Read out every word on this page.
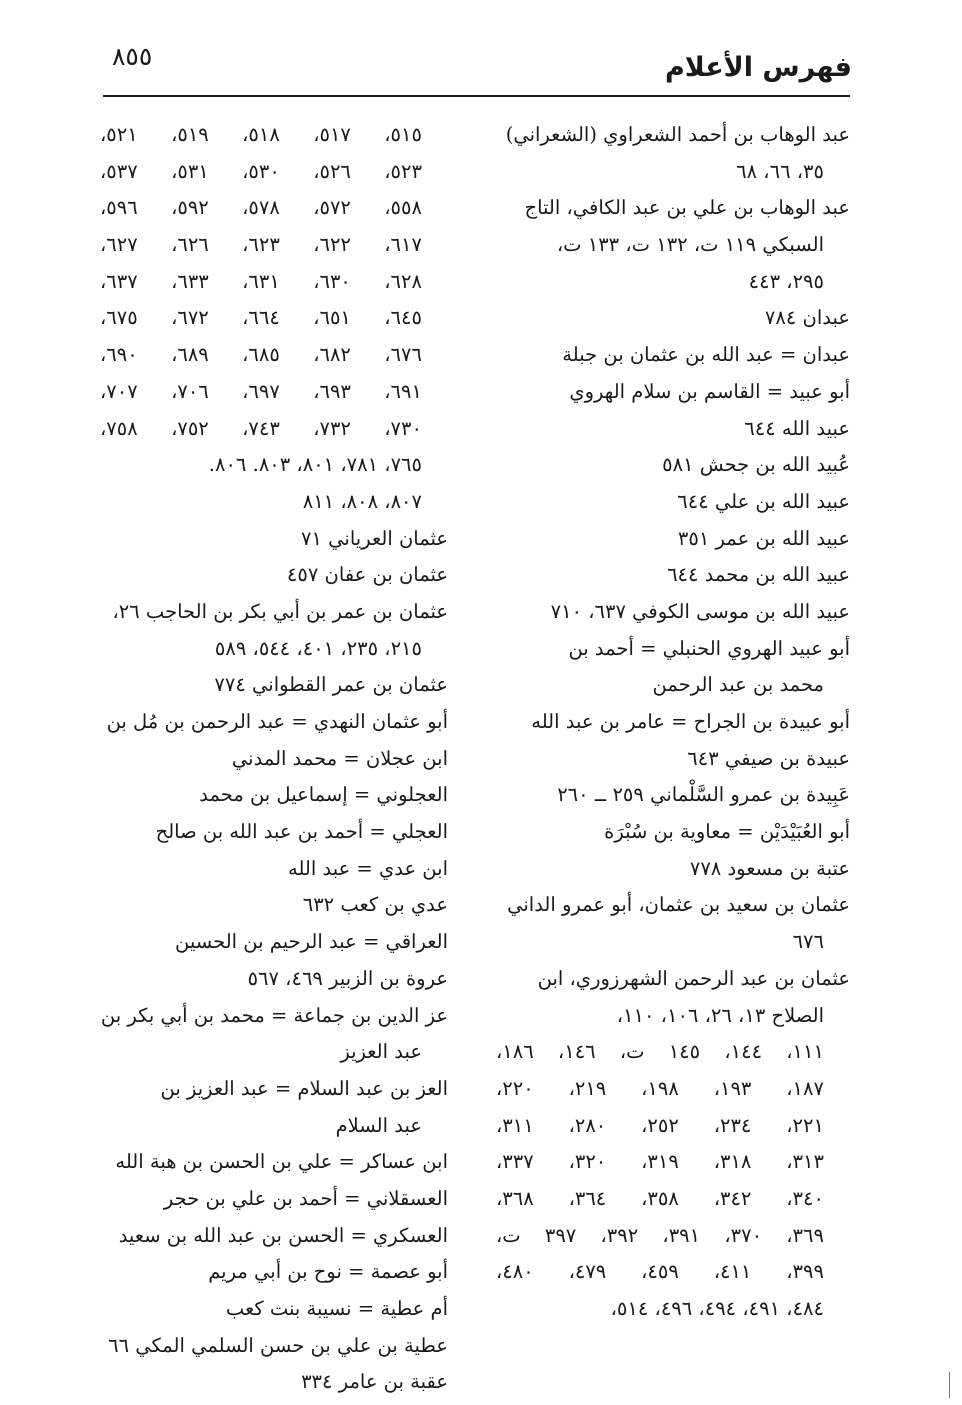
٨٥٥	فهرس الأعلام
عبد الوهاب بن أحمد الشعراوي (الشعراني)
٣٥، ٦٦، ٦٨
عبد الوهاب بن علي بن عبد الكافي، التاج
السبكي ١١٩ ت، ١٣٢ ت، ١٣٣ ت،
٢٩٥، ٤٤٣
عبدان ٧٨٤
عبدان = عبد الله بن عثمان بن جبلة
أبو عبيد = القاسم بن سلام الهروي
عبيد الله ٦٤٤
عُبيد الله بن جحش ٥٨١
عبيد الله بن علي ٦٤٤
عبيد الله بن عمر ٣٥١
عبيد الله بن محمد ٦٤٤
عبيد الله بن موسى الكوفي ٦٣٧، ٧١٠
أبو عبيد الهروي الحنبلي = أحمد بن
محمد بن عبد الرحمن
أبو عبيدة بن الجراح = عامر بن عبد الله
عبيدة بن صيفي ٦٤٣
عَبِيدة بن عمرو السَّلْماني ٢٥٩ ــ ٢٦٠
أبو العُبَيْدَيْن = معاوية بن سُبْرَة
عتبة بن مسعود ٧٧٨
عثمان بن سعيد بن عثمان، أبو عمرو الداني
٦٧٦
عثمان بن عبد الرحمن الشهرزوري، ابن
الصلاح ١٣، ٢٦، ١٠٦، ١١٠،
١١١، ١٤٤، ١٤٥ ت، ١٤٦، ١٨٦،
١٨٧، ١٩٣، ١٩٨، ٢١٩، ٢٢٠،
٢٢١، ٢٣٤، ٢٥٢، ٢٨٠، ٣١١،
٣١٣، ٣١٨، ٣١٩، ٣٢٠، ٣٣٧،
٣٤٠، ٣٤٢، ٣٥٨، ٣٦٤، ٣٦٨،
٣٦٩، ٣٧٠، ٣٩١، ٣٩٢، ٣٩٧ ت،
٣٩٩، ٤١١، ٤٥٩، ٤٧٩، ٤٨٠،
٤٨٤، ٤٩١، ٤٩٤، ٤٩٦، ٥١٤،
٥١٥، ٥١٧، ٥١٨، ٥١٩، ٥٢١،
٥٢٣، ٥٢٦، ٥٣٠، ٥٣١، ٥٣٧،
٥٥٨، ٥٧٢، ٥٧٨، ٥٩٢، ٥٩٦،
٦١٧، ٦٢٢، ٦٢٣، ٦٢٦، ٦٢٧،
٦٢٨، ٦٣٠، ٦٣١، ٦٣٣، ٦٣٧،
٦٤٥، ٦٥١، ٦٦٤، ٦٧٢، ٦٧٥،
٦٧٦، ٦٨٢، ٦٨٥، ٦٨٩، ٦٩٠،
٦٩١، ٦٩٣، ٦٩٧، ٧٠٦، ٧٠٧،
٧٣٠، ٧٣٢، ٧٤٣، ٧٥٢، ٧٥٨،
٧٦٥، ٧٨١، ٨٠١، ٨٠٣. ٨٠٦.
٨٠٧، ٨٠٨، ٨١١
عثمان العرياني ٧١
عثمان بن عفان ٤٥٧
عثمان بن عمر بن أبي بكر بن الحاجب ٢٦،
٢١٥، ٢٣٥، ٤٠١، ٥٤٤، ٥٨٩
عثمان بن عمر القطواني ٧٧٤
أبو عثمان النهدي = عبد الرحمن بن مُل بن
ابن عجلان = محمد المدني
العجلوني = إسماعيل بن محمد
العجلي = أحمد بن عبد الله بن صالح
ابن عدي = عبد الله
عدي بن كعب ٦٣٢
العراقي = عبد الرحيم بن الحسين
عروة بن الزبير ٤٦٩، ٥٦٧
عز الدين بن جماعة = محمد بن أبي بكر بن
عبد العزيز
العز بن عبد السلام = عبد العزيز بن
عبد السلام
ابن عساكر = علي بن الحسن بن هبة الله
العسقلاني = أحمد بن علي بن حجر
العسكري = الحسن بن عبد الله بن سعيد
أبو عصمة = نوح بن أبي مريم
أم عطية = نسيبة بنت كعب
عطية بن علي بن حسن السلمي المكي ٦٦
عقبة بن عامر ٣٣٤
